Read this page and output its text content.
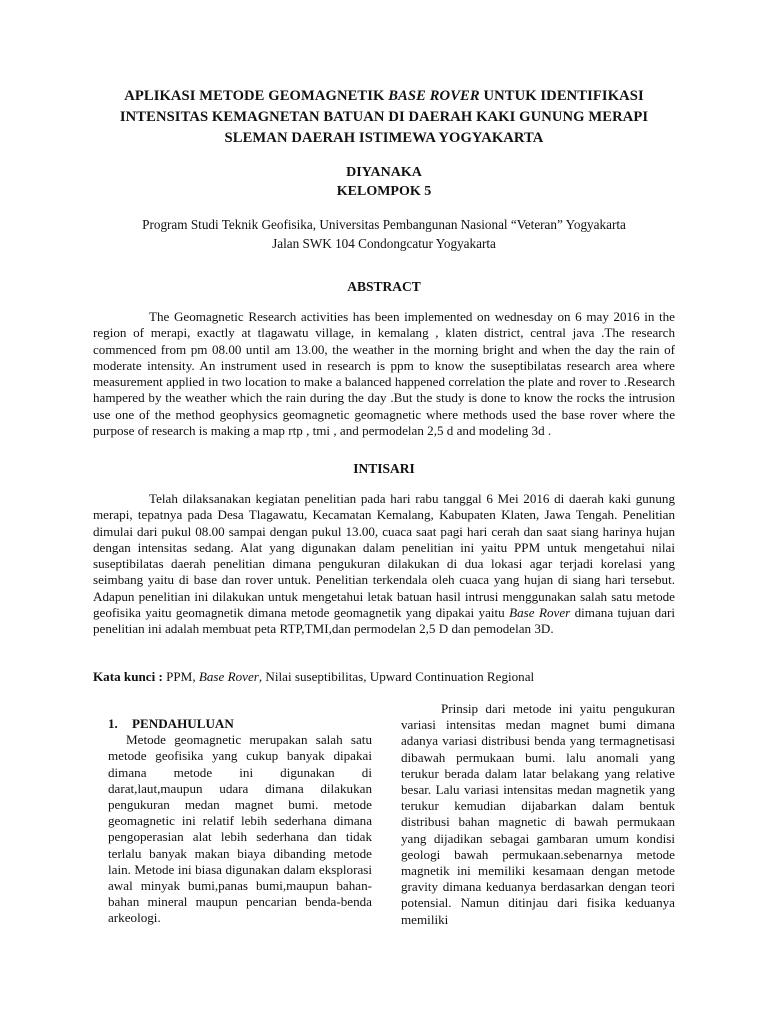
APLIKASI METODE GEOMAGNETIK BASE ROVER UNTUK IDENTIFIKASI
INTENSITAS KEMAGNETAN BATUAN DI DAERAH KAKI GUNUNG MERAPI
SLEMAN DAERAH ISTIMEWA YOGYAKARTA
DIYANAKA
KELOMPOK 5
Program Studi Teknik Geofisika, Universitas Pembangunan Nasional “Veteran” Yogyakarta
Jalan SWK 104 Condongcatur Yogyakarta
ABSTRACT
The Geomagnetic Research activities has been implemented on wednesday on 6 may 2016 in the region of merapi, exactly at tlagawatu village, in kemalang , klaten district, central java .The research commenced from pm 08.00 until am 13.00, the weather in the morning bright and when the day the rain of moderate intensity. An instrument used in research is ppm to know the suseptibilatas research area where measurement applied in two location to make a balanced happened correlation the plate and rover to .Research hampered by the weather which the rain during the day .But the study is done to know the rocks the intrusion use one of the method geophysics geomagnetic geomagnetic where methods used the base rover where the purpose of research is making a map rtp , tmi , and permodelan 2,5 d and modeling 3d .
INTISARI
Telah dilaksanakan kegiatan penelitian pada hari rabu tanggal 6 Mei 2016 di daerah kaki gunung merapi, tepatnya pada Desa Tlagawatu, Kecamatan Kemalang, Kabupaten Klaten, Jawa Tengah. Penelitian dimulai dari pukul 08.00 sampai dengan pukul 13.00, cuaca saat pagi hari cerah dan saat siang harinya hujan dengan intensitas sedang. Alat yang digunakan dalam penelitian ini yaitu PPM untuk mengetahui nilai suseptibilatas daerah penelitian dimana pengukuran dilakukan di dua lokasi agar terjadi korelasi yang seimbang yaitu di base dan rover untuk. Penelitian terkendala oleh cuaca yang hujan di siang hari tersebut. Adapun penelitian ini dilakukan untuk mengetahui letak batuan hasil intrusi menggunakan salah satu metode geofisika yaitu geomagnetik dimana metode geomagnetik yang dipakai yaitu Base Rover dimana tujuan dari penelitian ini adalah membuat peta RTP,TMI,dan permodelan 2,5 D dan pemodelan 3D.
Kata kunci : PPM, Base Rover, Nilai suseptibilitas, Upward Continuation Regional
1. PENDAHULUAN
Metode geomagnetic merupakan salah satu metode geofisika yang cukup banyak dipakai dimana metode ini digunakan di darat,laut,maupun udara dimana dilakukan pengukuran medan magnet bumi. metode geomagnetic ini relatif lebih sederhana dimana pengoperasian alat lebih sederhana dan tidak terlalu banyak makan biaya dibanding metode lain. Metode ini biasa digunakan dalam eksplorasi awal minyak bumi,panas bumi,maupun bahan-bahan mineral maupun pencarian benda-benda arkeologi.
Prinsip dari metode ini yaitu pengukuran variasi intensitas medan magnet bumi dimana adanya variasi distribusi benda yang termagnetisasi dibawah permukaan bumi. lalu anomali yang terukur berada dalam latar belakang yang relative besar. Lalu variasi intensitas medan magnetik yang terukur kemudian dijabarkan dalam bentuk distribusi bahan magnetic di bawah permukaan yang dijadikan sebagai gambaran umum kondisi geologi bawah permukaan.sebenarnya metode magnetik ini memiliki kesamaan dengan metode gravity dimana keduanya berdasarkan dengan teori potensial. Namun ditinjau dari fisika keduanya memiliki
